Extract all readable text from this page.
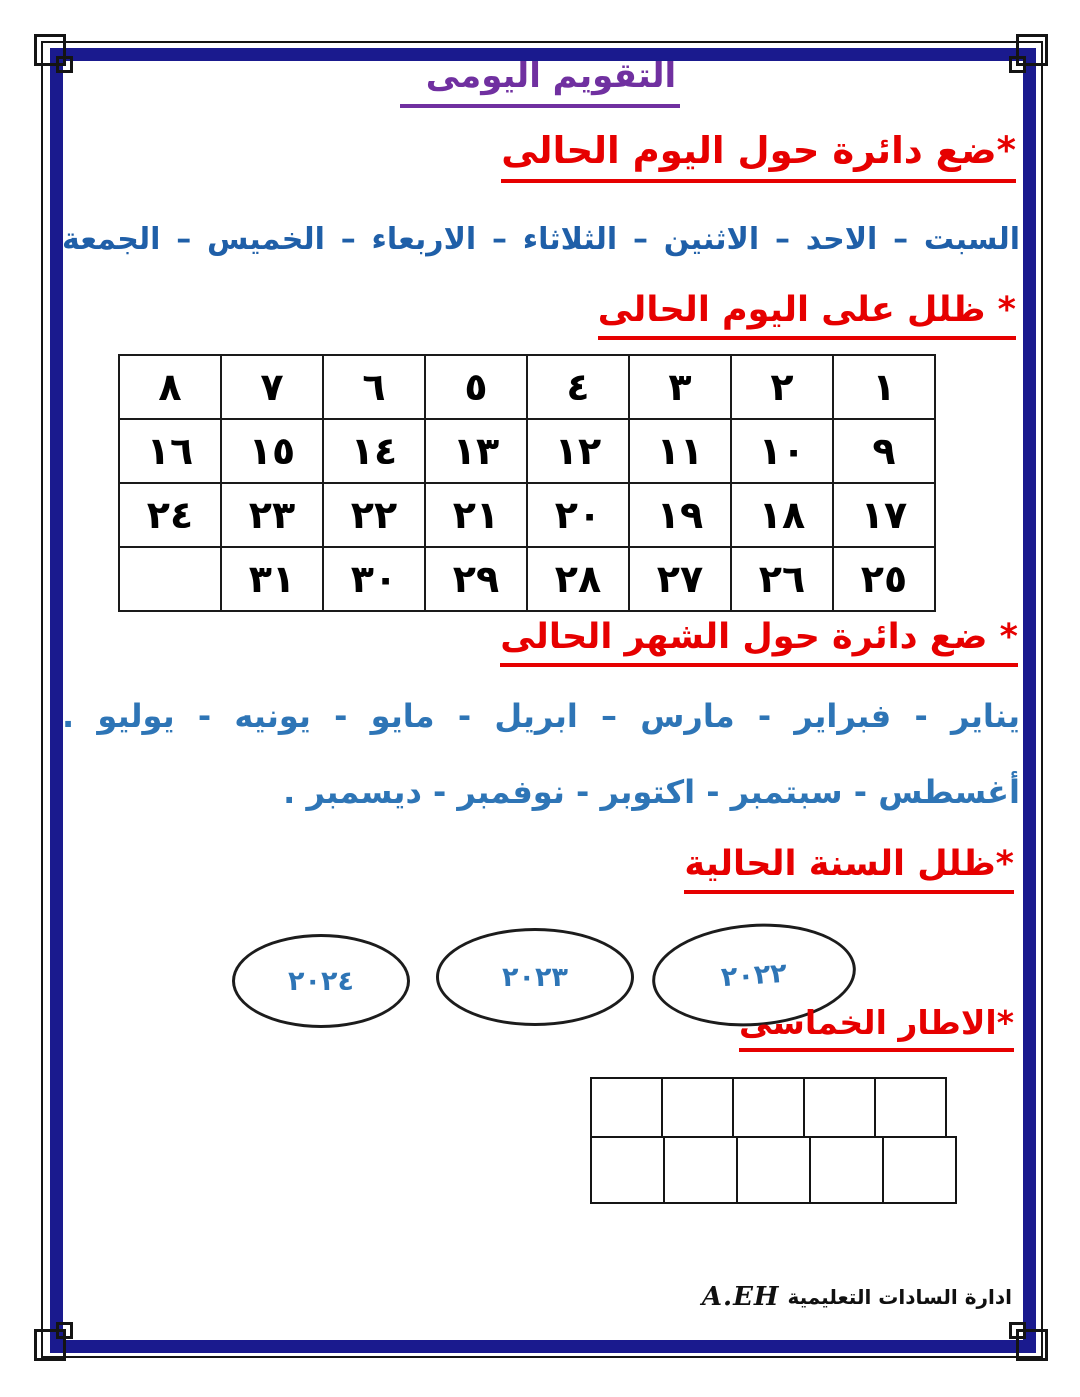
التقويم اليومى
*ضع دائرة حول اليوم الحالى
السبت – الاحد – الاثنين – الثلاثاء – الاربعاء – الخميس – الجمعة
* ظلل على اليوم الحالى
١	٢	٣	٤	٥	٦	٧	٨
٩	١٠	١١	١٢	١٣	١٤	١٥	١٦
١٧	١٨	١٩	٢٠	٢١	٢٢	٢٣	٢٤
٢٥	٢٦	٢٧	٢٨	٢٩	٣٠	٣١	
* ضع دائرة حول الشهر الحالى
يناير - فبراير - مارس – ابريل - مايو - يونيه - يوليو .
أغسطس - سبتمبر - اكتوبر - نوفمبر - ديسمبر .
*ظلل السنة الحالية
٢٠٢٢
٢٠٢٣
٢٠٢٤
*الاطار الخماسى
ادارة السادات التعليمية
A.EH
